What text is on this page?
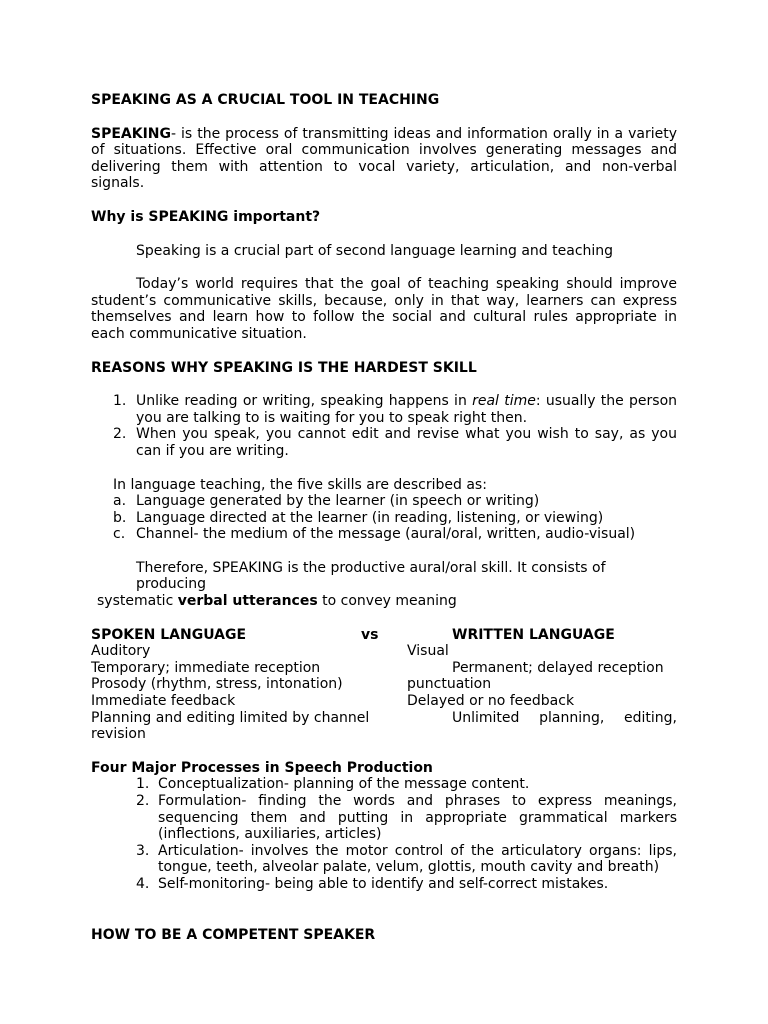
SPEAKING AS A CRUCIAL TOOL IN TEACHING

SPEAKING- is the process of transmitting ideas and information orally in a variety of situations. Effective oral communication involves generating messages and delivering them with attention to vocal variety, articulation, and non-verbal signals.

Why is SPEAKING important?

Speaking is a crucial part of second language learning and teaching

Today’s world requires that the goal of teaching speaking should improve student’s communicative skills, because, only in that way, learners can express themselves and learn how to follow the social and cultural rules appropriate in each communicative situation.

REASONS WHY SPEAKING IS THE HARDEST SKILL

1. Unlike reading or writing, speaking happens in real time: usually the person you are talking to is waiting for you to speak right then.
2. When you speak, you cannot edit and revise what you wish to say, as you can if you are writing.

In language teaching, the five skills are described as:

a. Language generated by the learner (in speech or writing)
b. Language directed at the learner (in reading, listening, or viewing)
c. Channel- the medium of the message (aural/oral, written, audio-visual)

Therefore, SPEAKING is the productive aural/oral skill. It consists of producing

systematic verbal utterances to convey meaning

SPOKEN LANGUAGE	vs	WRITTEN LANGUAGE
Auditory	Visual
Temporary; immediate reception	Permanent; delayed reception
Prosody (rhythm, stress, intonation)	punctuation
Immediate feedback	Delayed or no feedback
Planning and editing limited by channel	Unlimited planning, editing,
revision

Four Major Processes in Speech Production

1. Conceptualization- planning of the message content.
2. Formulation- finding the words and phrases to express meanings, sequencing them and putting in appropriate grammatical markers (inflections, auxiliaries, articles)
3. Articulation- involves the motor control of the articulatory organs: lips, tongue, teeth, alveolar palate, velum, glottis, mouth cavity and breath)
4. Self-monitoring- being able to identify and self-correct mistakes.

HOW TO BE A COMPETENT SPEAKER
